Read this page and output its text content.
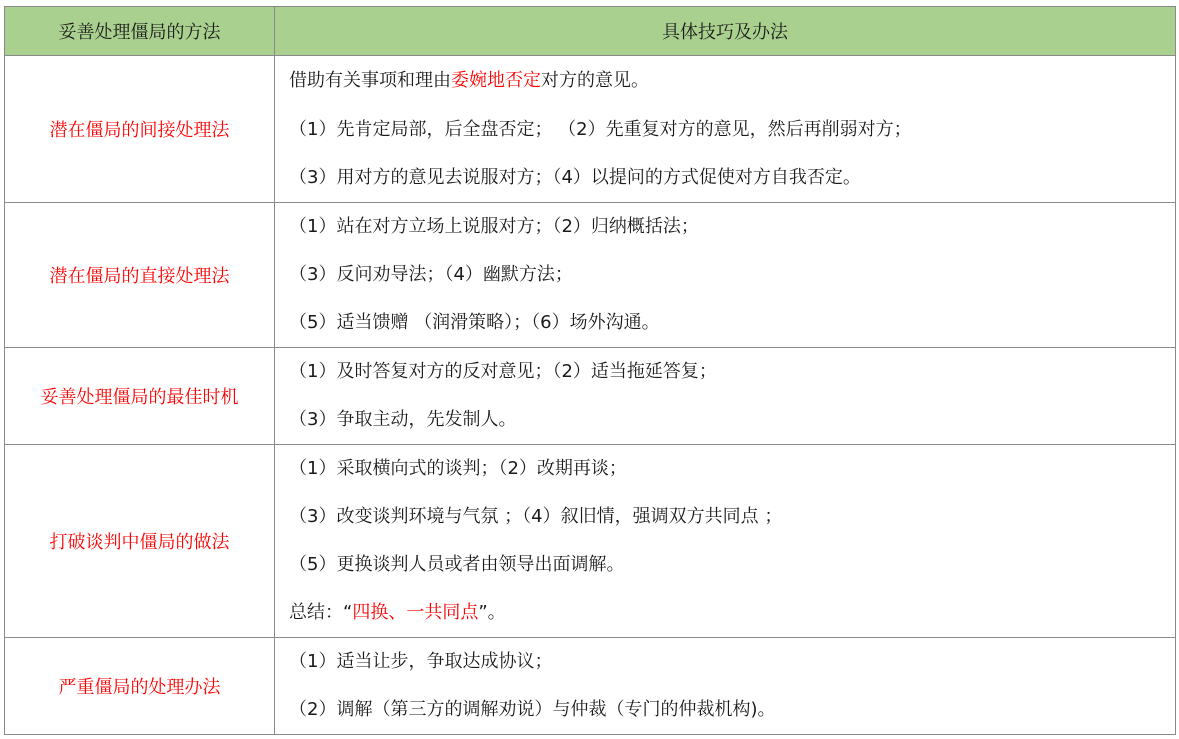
妥善处理僵局的方法	具体技巧及办法
潜在僵局的间接处理法	借助有关事项和理由委婉地否定对方的意见。
（1）先肯定局部，后全盘否定； （2）先重复对方的意见，然后再削弱对方；
（3）用对方的意见去说服对方；（4）以提问的方式促使对方自我否定。

潜在僵局的直接处理法	（1）站在对方立场上说服对方；（2）归纳概括法；
（3）反问劝导法；（4）幽默方法；
（5）适当馈赠 （润滑策略）；（6）场外沟通。

妥善处理僵局的最佳时机	（1）及时答复对方的反对意见；（2）适当拖延答复；
（3）争取主动，先发制人。

打破谈判中僵局的做法	（1）采取横向式的谈判；（2）改期再谈；
（3）改变谈判环境与气氛 ；（4）叙旧情，强调双方共同点 ；
（5）更换谈判人员或者由领导出面调解。
总结：“四换、一共同点”。

严重僵局的处理办法	（1）适当让步，争取达成协议；
（2）调解（第三方的调解劝说）与仲裁（专门的仲裁机构)。
